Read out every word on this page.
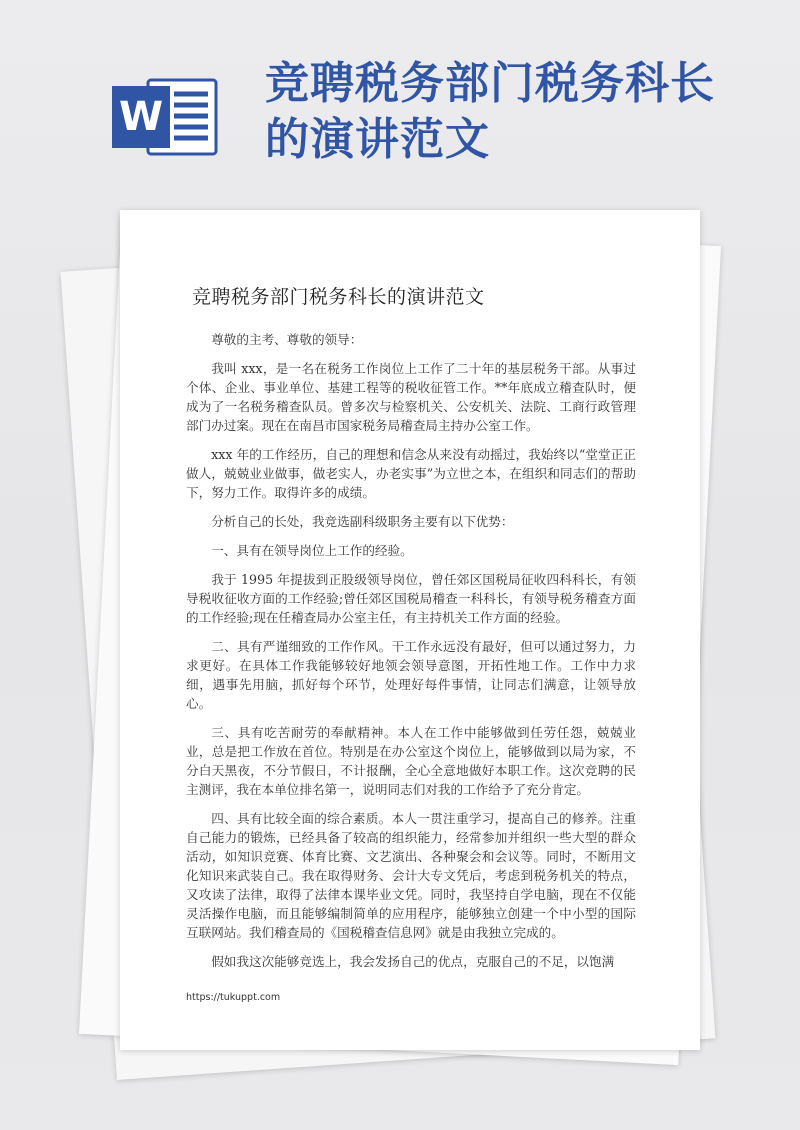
W
竞聘税务部门税务科长
的演讲范文
竞聘税务部门税务科长的演讲范文

尊敬的主考、尊敬的领导：

我叫 xxx，是一名在税务工作岗位上工作了二十年的基层税务干部。从事过个体、企业、事业单位、基建工程等的税收征管工作。**年底成立稽查队时，便成为了一名税务稽查队员。曾多次与检察机关、公安机关、法院、工商行政管理部门办过案。现在在南昌市国家税务局稽查局主持办公室工作。

xxx 年的工作经历，自己的理想和信念从来没有动摇过，我始终以“堂堂正正做人，兢兢业业做事，做老实人，办老实事”为立世之本，在组织和同志们的帮助下，努力工作。取得许多的成绩。

分析自己的长处，我竞选副科级职务主要有以下优势：

一、具有在领导岗位上工作的经验。

我于 1995 年提拔到正股级领导岗位，曾任郊区国税局征收四科科长，有领导税收征收方面的工作经验;曾任郊区国税局稽查一科科长，有领导税务稽查方面的工作经验;现在任稽查局办公室主任，有主持机关工作方面的经验。

二、具有严谨细致的工作作风。干工作永远没有最好，但可以通过努力，力求更好。在具体工作我能够较好地领会领导意图，开拓性地工作。工作中力求细，遇事先用脑，抓好每个环节，处理好每件事情，让同志们满意，让领导放心。

三、具有吃苦耐劳的奉献精神。本人在工作中能够做到任劳任怨，兢兢业业，总是把工作放在首位。特别是在办公室这个岗位上，能够做到以局为家，不分白天黑夜，不分节假日，不计报酬，全心全意地做好本职工作。这次竞聘的民主测评，我在本单位排名第一，说明同志们对我的工作给予了充分肯定。

四、具有比较全面的综合素质。本人一贯注重学习，提高自己的修养。注重自己能力的锻炼，已经具备了较高的组织能力，经常参加并组织一些大型的群众活动，如知识竞赛、体育比赛、文艺演出、各种聚会和会议等。同时，不断用文化知识来武装自己。我在取得财务、会计大专文凭后，考虑到税务机关的特点，又攻读了法律，取得了法律本课毕业文凭。同时，我坚持自学电脑，现在不仅能灵活操作电脑，而且能够编制简单的应用程序，能够独立创建一个中小型的国际互联网站。我们稽查局的《国税稽查信息网》就是由我独立完成的。

假如我这次能够竞选上，我会发扬自己的优点，克服自己的不足，以饱满

https://tukuppt.com
